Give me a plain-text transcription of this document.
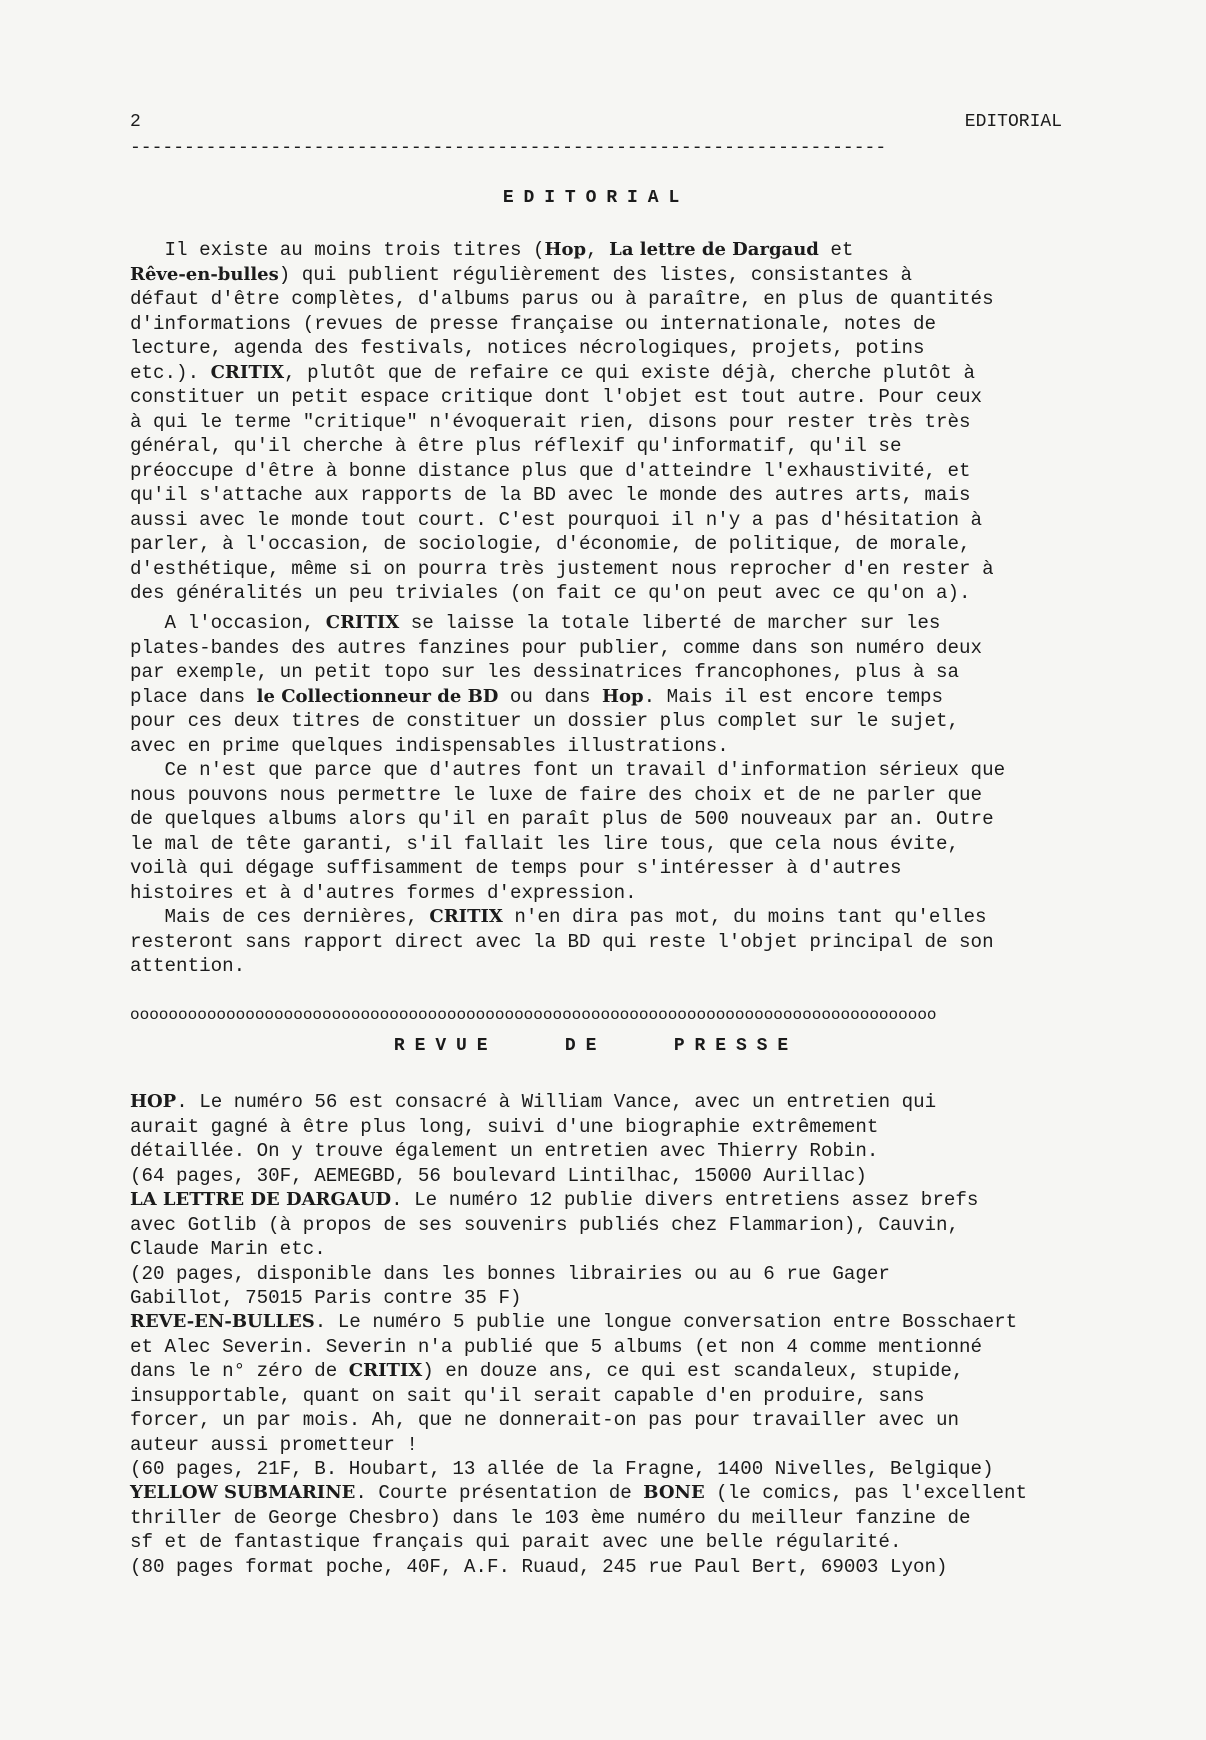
2	EDITORIAL
----------------------------------------------------------------------
EDITORIAL

Il existe au moins trois titres (Hop, La lettre de Dargaud et
Rêve-en-bulles) qui publient régulièrement des listes, consistantes à
défaut d'être complètes, d'albums parus ou à paraître, en plus de quantités
d'informations (revues de presse française ou internationale, notes de
lecture, agenda des festivals, notices nécrologiques, projets, potins
etc.). CRITIX, plutôt que de refaire ce qui existe déjà, cherche plutôt à
constituer un petit espace critique dont l'objet est tout autre. Pour ceux
à qui le terme "critique" n'évoquerait rien, disons pour rester très très
général, qu'il cherche à être plus réflexif qu'informatif, qu'il se
préoccupe d'être à bonne distance plus que d'atteindre l'exhaustivité, et
qu'il s'attache aux rapports de la BD avec le monde des autres arts, mais
aussi avec le monde tout court. C'est pourquoi il n'y a pas d'hésitation à
parler, à l'occasion, de sociologie, d'économie, de politique, de morale,
d'esthétique, même si on pourra très justement nous reprocher d'en rester à
des généralités un peu triviales (on fait ce qu'on peut avec ce qu'on a).

A l'occasion, CRITIX se laisse la totale liberté de marcher sur les
plates-bandes des autres fanzines pour publier, comme dans son numéro deux
par exemple, un petit topo sur les dessinatrices francophones, plus à sa
place dans le Collectionneur de BD ou dans Hop. Mais il est encore temps
pour ces deux titres de constituer un dossier plus complet sur le sujet,
avec en prime quelques indispensables illustrations.

Ce n'est que parce que d'autres font un travail d'information sérieux que
nous pouvons nous permettre le luxe de faire des choix et de ne parler que
de quelques albums alors qu'il en paraît plus de 500 nouveaux par an. Outre
le mal de tête garanti, s'il fallait les lire tous, que cela nous évite,
voilà qui dégage suffisamment de temps pour s'intéresser à d'autres
histoires et à d'autres formes d'expression.

Mais de ces dernières, CRITIX n'en dira pas mot, du moins tant qu'elles
resteront sans rapport direct avec la BD qui reste l'objet principal de son
attention.

oooooooooooooooooooooooooooooooooooooooooooooooooooooooooooooooooooooooooooooooooooo
REVUE DE PRESSE

HOP. Le numéro 56 est consacré à William Vance, avec un entretien qui
aurait gagné à être plus long, suivi d'une biographie extrêmement
détaillée. On y trouve également un entretien avec Thierry Robin.
(64 pages, 30F, AEMEGBD, 56 boulevard Lintilhac, 15000 Aurillac)

LA LETTRE DE DARGAUD. Le numéro 12 publie divers entretiens assez brefs
avec Gotlib (à propos de ses souvenirs publiés chez Flammarion), Cauvin,
Claude Marin etc.
(20 pages, disponible dans les bonnes librairies ou au 6 rue Gager
Gabillot, 75015 Paris contre 35 F)

REVE-EN-BULLES. Le numéro 5 publie une longue conversation entre Bosschaert
et Alec Severin. Severin n'a publié que 5 albums (et non 4 comme mentionné
dans le n° zéro de CRITIX) en douze ans, ce qui est scandaleux, stupide,
insupportable, quant on sait qu'il serait capable d'en produire, sans
forcer, un par mois. Ah, que ne donnerait-on pas pour travailler avec un
auteur aussi prometteur !
(60 pages, 21F, B. Houbart, 13 allée de la Fragne, 1400 Nivelles, Belgique)

YELLOW SUBMARINE. Courte présentation de BONE (le comics, pas l'excellent
thriller de George Chesbro) dans le 103 ème numéro du meilleur fanzine de
sf et de fantastique français qui parait avec une belle régularité.
(80 pages format poche, 40F, A.F. Ruaud, 245 rue Paul Bert, 69003 Lyon)
